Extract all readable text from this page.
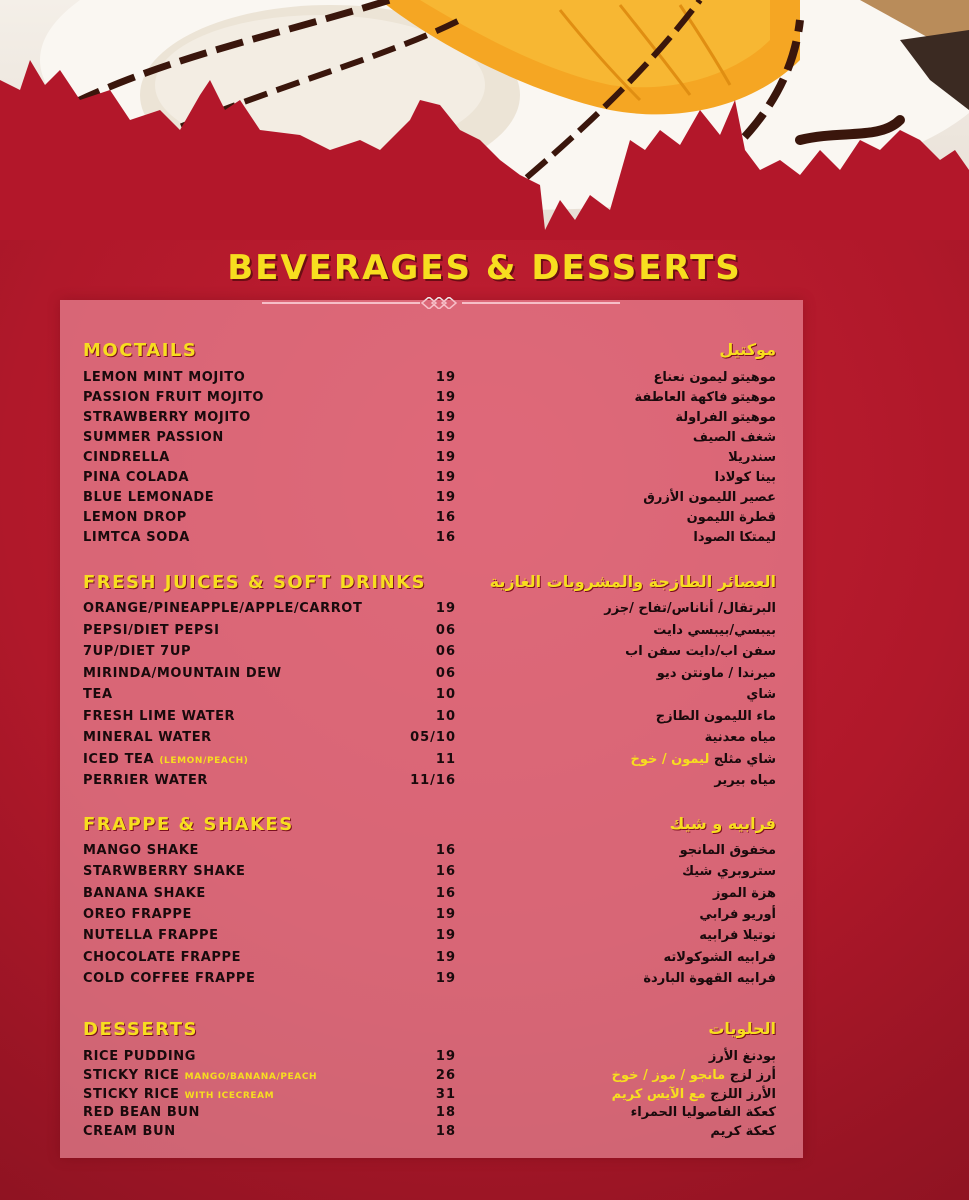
BEVERAGES & DESSERTS
MOCTAILS	موكتيل
LEMON MINT MOJITO	19	موهيتو ليمون نعناع
PASSION FRUIT MOJITO	19	موهيتو فاكهة العاطفة
STRAWBERRY MOJITO	19	موهيتو الفراولة
SUMMER PASSION	19	شغف الصيف
CINDRELLA	19	سندريلا
PINA COLADA	19	بينا كولادا
BLUE LEMONADE	19	عصير الليمون الأزرق
LEMON DROP	16	قطرة الليمون
LIMTCA SODA	16	ليمتكا الصودا
FRESH JUICES & SOFT DRINKS	العصائر الطازجة والمشروبات الغازية
ORANGE/PINEAPPLE/APPLE/CARROT	19	البرتقال/ أناناس/تفاح /جزر
PEPSI/DIET PEPSI	06	بيبسي/بيبسي دايت
7UP/DIET 7UP	06	سفن اب/دايت سفن اب
MIRINDA/MOUNTAIN DEW	06	ميرندا / ماونتن ديو
TEA	10	شاي
FRESH LIME WATER	10	ماء الليمون الطازج
MINERAL WATER	05/10	مياه معدنية
ICED TEA (LEMON/PEACH)	11	شاي مثلج ليمون / خوخ
PERRIER WATER	11/16	مياه بيرير
FRAPPE & SHAKES	فرابيه و شيك
MANGO SHAKE	16	مخفوق المانجو
STARWBERRY SHAKE	16	ستروبري شيك
BANANA SHAKE	16	هزة الموز
OREO FRAPPE	19	أوريو فرابي
NUTELLA FRAPPE	19	نوتيلا فرابيه
CHOCOLATE FRAPPE	19	فرابيه الشوكولاته
COLD COFFEE FRAPPE	19	فرابيه القهوة الباردة
DESSERTS	الحلويات
RICE PUDDING	19	بودنغ الأرز
STICKY RICE MANGO/BANANA/PEACH	26	أرز لزج مانجو / موز / خوخ
STICKY RICE WITH ICECREAM	31	الأرز اللزج مع الآيس كريم
RED BEAN BUN	18	كعكة الفاصوليا الحمراء
CREAM BUN	18	كعكة كريم
